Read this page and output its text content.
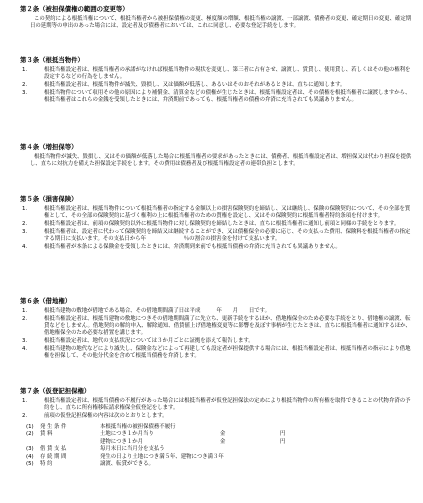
第２条（被担保債権の範囲の変更等）
この契約による根抵当権について、根抵当権者から被担保債権の変更、極度額の増額、根抵当権の譲渡、一部譲渡、債務者の変更、確定期日の変更、確定期日の延期等の申出のあった場合には、設定者及び債務者においては、これに同意し、必要な登記手続をします。
第３条（根抵当物件）
1.	根抵当権設定者は、根抵当権者の承諾がなければ根抵当物件の現状を変更し、第三者に占有させ、譲渡し、賃貸し、使用貸し、若しくはその他の権利を設定するなどの行為をしません。
2.	根抵当権設定者は、根抵当物件が滅失、毀損し、又は価額が低落し、あるいはそのおそれがあるときは、直ちに通知します。
3.	根抵当物件について収用その他の原因により補償金、清算金などの債権が生じたときは、根抵当権設定者は、その債権を根抵当権者に譲渡しますから、根抵当権者はこれらの金銭を受領したときには、弁済期前であっても、根抵当権者の債務の弁済に充当されても異議ありません。
第４条（増担保等）
根抵当物件が滅失、毀損し、又はその価額が低落した場合に根抵当権者の要求があったときには、債務者、根抵当権設定者は、増担保又は代わり担保を提供し、直ちに対抗力を備えた担保設定手続をします。その費用は債務者及び根抵当権設定者の連帯負担とします。
第５条（損害保険）
1.	根抵当権設定者は、根抵当物件について根抵当権者の指定する金額以上の損害保険契約を締結し、又は継続し、保険の保険契約について、その全部を質権として、その全部の保険契約に基づく権利の上に根抵当権者のための質権を設定し、又はその保険契約に根抵当権者特約条項を付けます。
2.	根抵当権設定者は、前項の保険契約以外に根抵当物件に対し保険契約を締結したときは、直ちに根抵当権者に通知し前項と同様の手続をとります。
3.	根抵当権者は、設定者に代わって保険契約を締結又は継続することができ、又は債権保全の必要に応じ、その支払った費用、保険料を根抵当権者の指定する期日に支払います。その支払日から年　　　　　　　％の割合の損害金を付けて支払います。
4.	根抵当権者が本条による保険金を受領したときには、弁済期到来前でも根抵当債務の弁済に充当されても異議ありません。
第６条（借地権）
1.	根抵当建物の敷地が借地である場合、その借地期間満了日は平成　　　年　　月　　日です。
2.	根抵当権設定者は、根抵当建物の敷地につきその借地期間満了に先立ち、更新手続をするほか、借地権保全のため必要な手続をとり、借地権の譲渡、転貸などをしません。借地契約の解約申入、解除通知、借賃値上げ借地権変更等に影響を及ぼす事柄が生じたときは、直ちに根抵当権者に通知するほか、借地権保全のため必要な措置を講じます。
3.	根抵当権設定者は、地代の支払状況については３か月ごとに証拠を添えて報告します。
4.	根抵当建物の地代などにより滅失し、保険金などによって再建しても設定者が担保提供する場合には、根抵当権設定者は、根抵当権者の指示により借地権を担保して、その他分代金を含めて根抵当債務を弁済します。
第７条（仮登記担保権）
1.	根抵当権設定者は、根抵当債務の不履行があった場合には根抵当権者が仮登記担保法の定めにより根抵当物件の所有権を取得できることの代物弁済の予約をし、直ちに所有権移転請求権保全仮登記をします。
2.	前項の仮登記担保権の内容は次のとおりとします。
(1)	発生条件	本根抵当権の被担保債務不履行
(2)	賃料	土地につき１か月当り	金	円
建物につき１か月	金	円
(3)	借賃支払	毎月末日に当月分を支払う
(4)	存続期間	発生の日より土地につき満５年、建物につき満３年
(5)	特約	譲渡、転貸ができる。
